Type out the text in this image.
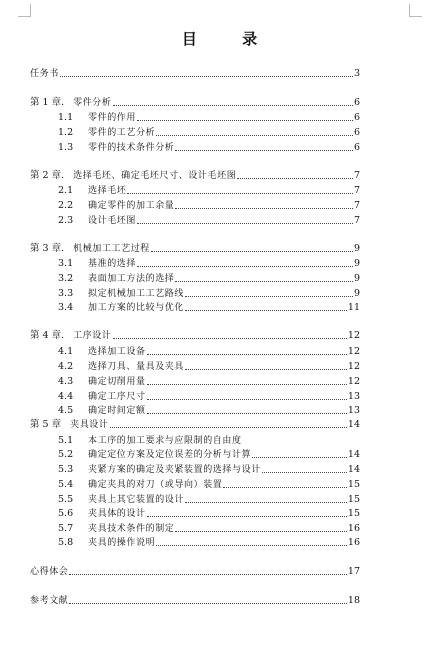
目 录
任务书	3
第 1 章. 零件分析	6
1.1	零件的作用	6
1.2	零件的工艺分析	6
1.3	零件的技术条件分析	6
第 2 章. 选择毛坯、确定毛坯尺寸、设计毛坯图	7
2.1	选择毛坯	7
2.2	确定零件的加工余量	7
2.3	设计毛坯图	7
第 3 章. 机械加工工艺过程	9
3.1	基准的选择	9
3.2	表面加工方法的选择	9
3.3	拟定机械加工工艺路线	9
3.4	加工方案的比较与优化	11
第 4 章. 工序设计	12
4.1	选择加工设备	12
4.2	选择刀具、量具及夹具	12
4.3	确定切削用量	12
4.4	确定工序尺寸	13
4.5	确定时间定额	13
第 5 章 夹具设计	14
5.1	本工序的加工要求与应限制的自由度
5.2	确定定位方案及定位误差的分析与计算	14
5.3	夹紧方案的确定及夹紧装置的选择与设计	14
5.4	确定夹具的对刀（或导向）装置	15
5.5	夹具上其它装置的设计	15
5.6	夹具体的设计	15
5.7	夹具技术条件的制定	16
5.8	夹具的操作说明	16
心得体会	17
参考文献	18
